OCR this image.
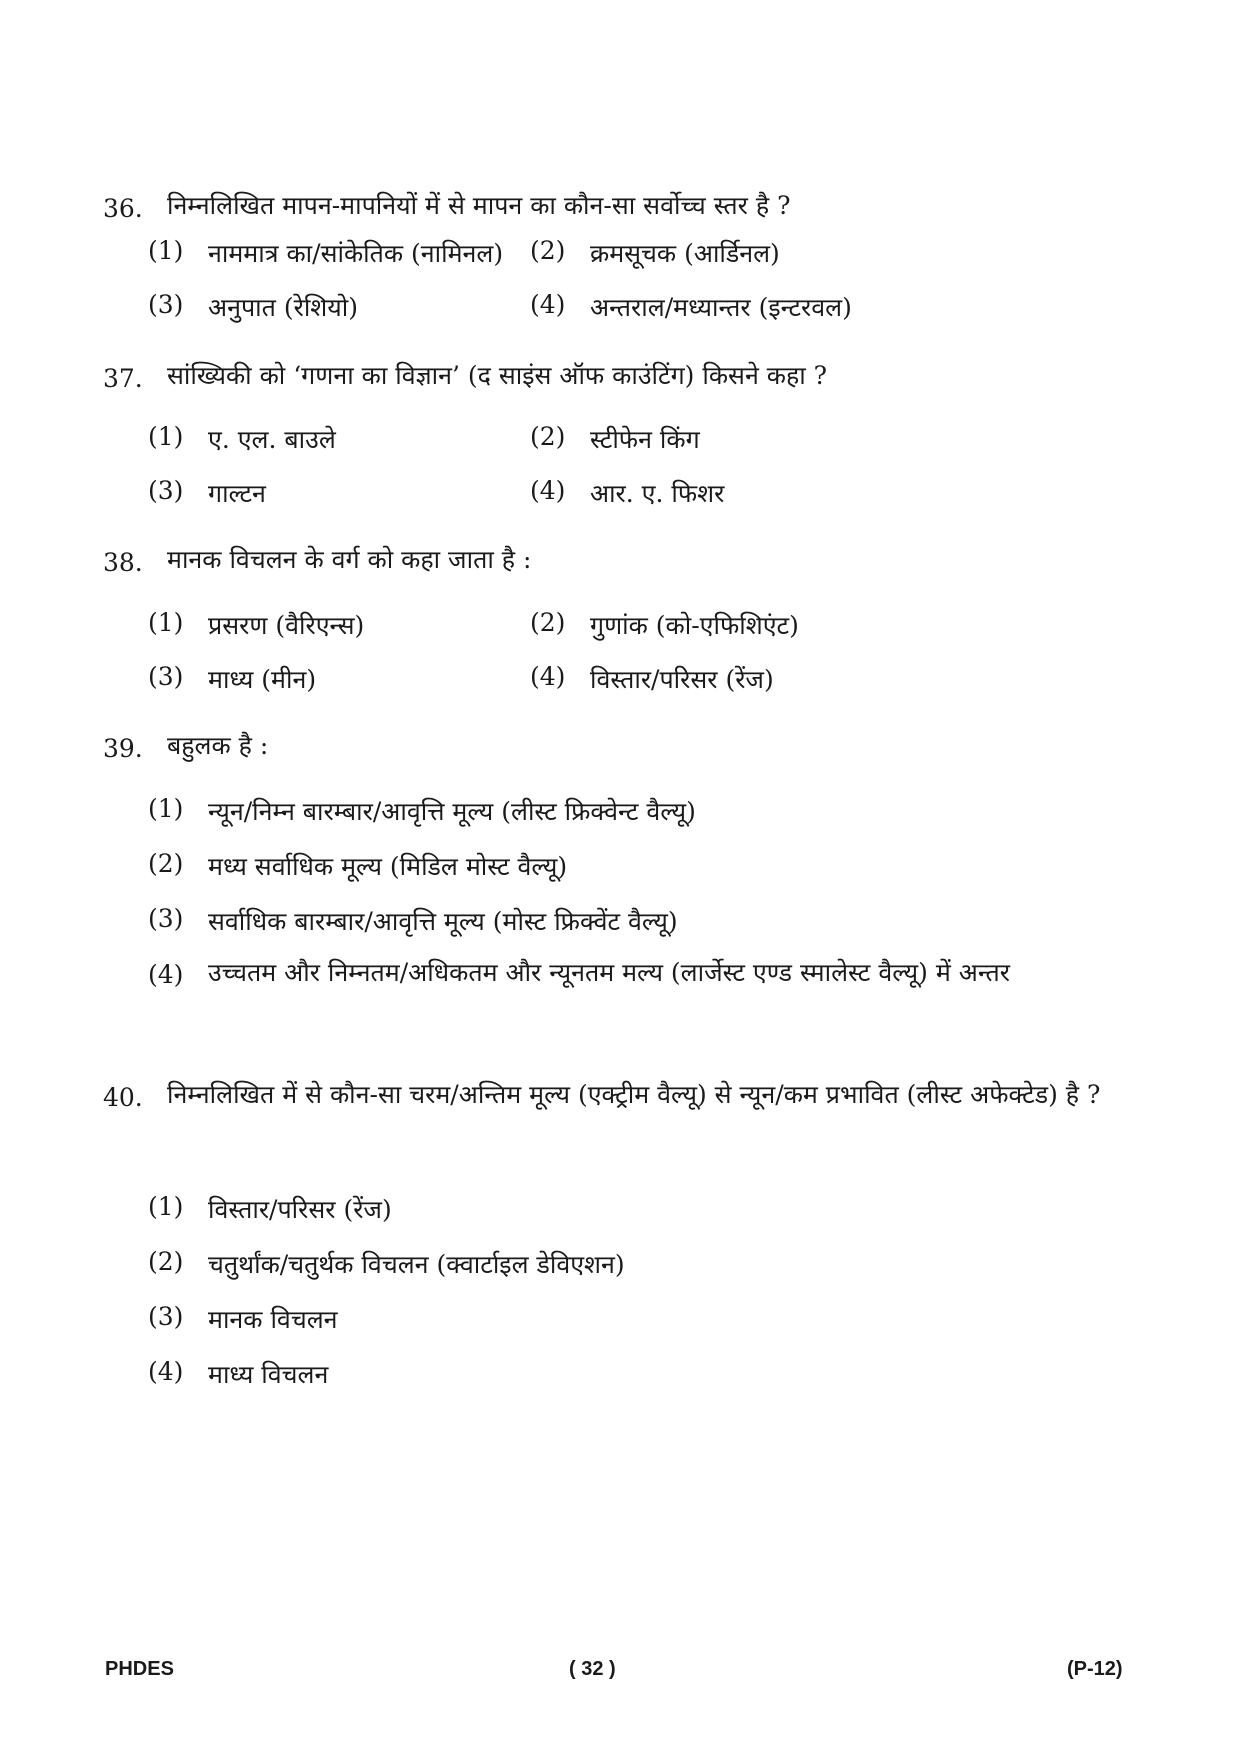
36. निम्नलिखित मापन-मापनियों में से मापन का कौन-सा सर्वोच्च स्तर है ?
(1) नाममात्र का/सांकेतिक (नामिनल) (2) क्रमसूचक (आर्डिनल)
(3) अनुपात (रेशियो)	(4) अन्तराल/मध्यान्तर (इन्टरवल)
37. सांख्यिकी को ‘गणना का विज्ञान’ (द साइंस ऑफ काउंटिंग) किसने कहा ?
(1) ए. एल. बाउले	(2) स्टीफेन किंग
(3) गाल्टन	(4) आर. ए. फिशर
38. मानक विचलन के वर्ग को कहा जाता है :
(1) प्रसरण (वैरिएन्स)	(2) गुणांक (को-एफिशिएंट)
(3) माध्य (मीन)	(4) विस्तार/परिसर (रेंज)
39. बहुलक है :
(1) न्यून/निम्न बारम्बार/आवृत्ति मूल्य (लीस्ट फ्रिक्वेन्ट वैल्यू)
(2) मध्य सर्वाधिक मूल्य (मिडिल मोस्ट वैल्यू)
(3) सर्वाधिक बारम्बार/आवृत्ति मूल्य (मोस्ट फ्रिक्वेंट वैल्यू)
(4) उच्चतम और निम्नतम/अधिकतम और न्यूनतम मल्य (लार्जेस्ट एण्ड स्मालेस्ट वैल्यू) में अन्तर
40. निम्नलिखित में से कौन-सा चरम/अन्तिम मूल्य (एक्ट्रीम वैल्यू) से न्यून/कम प्रभावित (लीस्ट अफेक्टेड) है ?
(1) विस्तार/परिसर (रेंज)
(2) चतुर्थांक/चतुर्थक विचलन (क्वार्टाइल डेविएशन)
(3) मानक विचलन
(4) माध्य विचलन
PHDES	( 32 )	(P-12)
